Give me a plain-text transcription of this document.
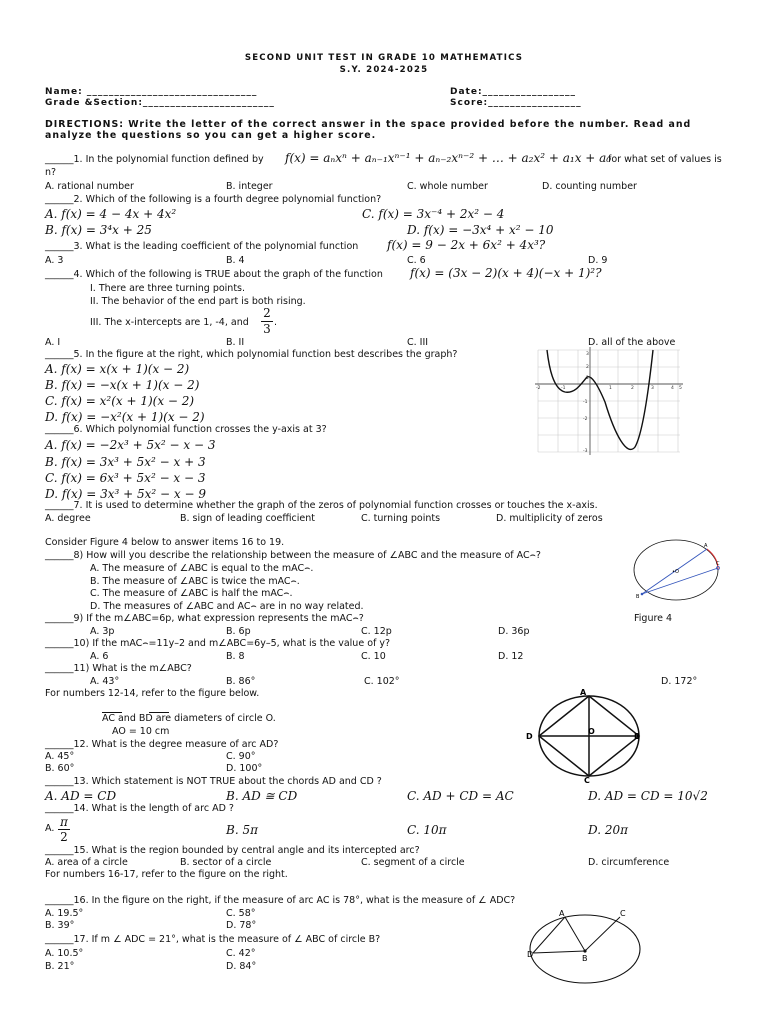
SECOND UNIT TEST IN GRADE 10 MATHEMATICS
S.Y. 2024-2025
Name: _______________________________	Date:_________________
Grade &Section:________________________	Score:_________________
DIRECTIONS: Write the letter of the correct answer in the space provided before the number. Read and
analyze the questions so you can get a higher score.
______1. In the polynomial function defined by f(x) = aₙxⁿ + aₙ₋₁xⁿ⁻¹ + aₙ₋₂xⁿ⁻² + … + a₂x² + a₁x + a₀
for what set of values is
n?
A. rational number	B. integer	C. whole number	D. counting number
______2. Which of the following is a fourth degree polynomial function?
A. f(x) = 4 − 4x + 4x²	C. f(x) = 3x⁻⁴ + 2x² − 4
B. f(x) = 3⁴x + 25	D. f(x) = −3x⁴ + x² − 10
______3. What is the leading coefficient of the polynomial function f(x) = 9 − 2x + 6x² + 4x³?
A. 3	B. 4	C. 6	D. 9
______4. Which of the following is TRUE about the graph of the function f(x) = (3x − 2)(x + 4)(−x + 1)²?
I. There are three turning points.
II. The behavior of the end part is both rising.
III. The x-intercepts are 1, -4, and
2
3 .
A. I	B. II	C. III	D. all of the above
______5. In the figure at the right, which polynomial function best describes the graph?
A. f(x) = x(x + 1)(x − 2)
B. f(x) = −x(x + 1)(x − 2)
C. f(x) = x²(x + 1)(x − 2)
D. f(x) = −x²(x + 1)(x − 2)
______6. Which polynomial function crosses the y-axis at 3?
A. f(x) = −2x³ + 5x² − x − 3
B. f(x) = 3x³ + 5x² − x + 3
C. f(x) = 6x³ + 5x² − x − 3
D. f(x) = 3x³ + 5x² − x − 9
-2	-1	1	2	3	4 5
3
2
1
-1
-2
-3
______7. It is used to determine whether the graph of the zeros of polynomial function crosses or touches the x-axis.
A. degree	B. sign of leading coefficient	C. turning points	D. multiplicity of zeros
Consider Figure 4 below to answer items 16 to 19.
______8) How will you describe the relationship between the measure of ∠ABC and the measure of AC⌢?
A. The measure of ∠ABC is equal to the mAC⌢.
B. The measure of ∠ABC is twice the mAC⌢.
C. The measure of ∠ABC is half the mAC⌢.
D. The measures of ∠ABC and AC⌢ are in no way related.
•O
A
B
C
Figure 4
______9) If the m∠ABC=6p, what expression represents the mAC⌢?
A. 3p	B. 6p	C. 12p	D. 36p
______10) If the mAC⌢=11y–2 and m∠ABC=6y–5, what is the value of y?
A. 6	B. 8	C. 10	D. 12
______11) What is the m∠ABC?
A. 43°	B. 86°	C. 102°	D. 172°
For numbers 12-14, refer to the figure below.
AC and BD are diameters of circle O.
AO = 10 cm
A
B
C
D
O
______12. What is the degree measure of arc AD?
A. 45°	C. 90°
B. 60°	D. 100°
______13. Which statement is NOT TRUE about the chords AD and CD ?
A. AD = CD	B. AD ≅ CD	C. AD + CD = AC	D. AD = CD = 10√2
______14. What is the length of arc AD ?
A. π
2	B. 5π	C. 10π	D. 20π
______15. What is the region bounded by central angle and its intercepted arc?
A. area of a circle	B. sector of a circle	C. segment of a circle	D. circumference
For numbers 16-17, refer to the figure on the right.
______16. In the figure on the right, if the measure of arc AC is 78°, what is the measure of ∠ ADC?
A. 19.5°	C. 58°
B. 39°	D. 78°
______17. If m ∠ ADC = 21°, what is the measure of ∠ ABC of circle B?
A. 10.5°	C. 42°
B. 21°	D. 84°
A	C
D	B
